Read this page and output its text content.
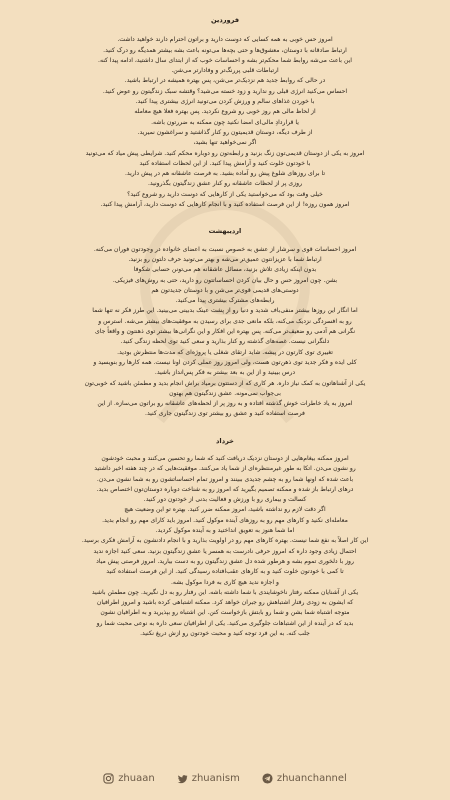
فروردین
امروز حس خوبی به همه کسایی که دوست دارید و براتون احترام دارند خواهید داشت.
ارتباط صادقانه با دوستان، معشوق‌ها و حتی بچه‌ها می‌تونه باعث بشه بیشتر همدیگه رو درک کنید.
این باعث می‌شه روابط شما محکم‌تر بشه و احساسات خوب که از ابتدای سال داشتید، ادامه پیدا کنه.
ارتباطات قلبی پررنگ‌تر و وفادارتر می‌شن.
در حالی که روابط جدید هم نزدیک‌تر می‌شن، پس بهتره همیشه در ارتباط باشید.
احساس می‌کنید انرژی قبلی رو ندارید و زود خسته می‌شید؟ وقتشه سبک زندگیتون رو عوض کنید.
با خوردن غذاهای سالم و ورزش کردن می‌تونید انرژی بیشتری پیدا کنید.
از لحاظ مالی هم روز خوبی رو شروع نکردید. پس بهتره فعلا هیچ معامله
یا قراردادِ مالی‌ای امضا نکنید چون ممکنه به ضررتون باشه.
از طرف دیگه، دوستان قدیمیتون رو کنار گذاشتید و سراغشون نمیرید.
اگر نمی‌خواهید تنها بشید،
امروز به یکی از دوستان قدیمی‌تون زنگ بزنید و رابطه‌تون رو دوباره محکم کنید. شرایطی پیش میاد که می‌تونید
با خودتون خلوت کنید و آرامش پیدا کنید. از این لحظات استفاده کنید
تا برای روزهای شلوغ پیش رو آماده بشید. به فرصت عاشقانه هم در پیش دارید.
روزی پر از لحظات عاشقانه رو کنار عشق زندگیتون بگذرونید.
خیلی وقت بود که می‌خواستید یکی از کارهایی که دوست دارید رو شروع کنید؟
امروز همون روزه! از این فرصت استفاده کنید و با انجام کارهایی که دوست دارید، آرامش پیدا کنید.
اردیبهشت
امروز احساسات قوی و سرشار از عشق به خصوص نسبت به اعضای خانواده در وجودتون فوران می‌کنه.
ارتباط شما با عزیزانتون عمیق‌تر می‌شه و بهتر می‌تونید حرف دلتون رو بزنید.
بدون اینکه زیادی تلاش بزنید، مسائل عاشقانه هم می‌تونن حسابی شکوفا
بشن. چون امروز حس و حال بیان کردن احساساتتون رو دارید، حتی به روش‌های فیزیکی.
دوستی‌های قدیمی قوی‌تر می‌شن و با دوستان جدیدتون هم
رابطه‌های مشترک بیشتری پیدا می‌کنید.
اما انگار این روزها بیشتر منفی‌باف شدید و دنیا رو از پشت عینک بدبینی می‌بینید. این طرز فکر نه تنها شما
رو به افسردگی نزدیک می‌کنه، بلکه مانعی جدی برای رسیدن به موفقیت‌های بیشتر می‌شه. استرس و
نگرانی هم آدمی رو ضعیف‌تر می‌کنه. پس بهتره این افکار و این نگرانی‌ها بیشتر توی ذهنتون و واقعاً جای
دلنگرانی نیست. غصه‌های گذشته رو کنار بذارید و سعی کنید توی لحظه زندگی کنید.
تغییری توی کارتون در پیشه. شاید ارتقای شغلی یا پروژه‌ای که مدت‌ها منتظرش بودید.
کلی ایده و فکر جدید توی ذهن‌تون هست، ولی امروز روز عملی کردن اونا نیست. همه کارها رو بنویسید و
درس بیینید و از این به بعد بیشتر به فکر پس‌انداز باشید.
یکی از آشناهاتون به کمک نیاز داره. هر کاری که از دستتون برمیاد براش انجام بدید و مطمئن باشید که خوبی‌تون
بی‌جواب نمی‌مونه. عشق زندگیتون هم بهتون
امروز به یاد خاطرات خوش گذشته افتاده و به روز پر از لحظه‌های عاشقانه رو براتون می‌سازه. از این
فرصت استفاده کنید و عشق رو بیشتر توی زندگیتون جاری کنید.
خرداد
امروز ممکنه بیغام‌هایی از دوستان نزدیک دریافت کنید که شما رو تحسین می‌کنند و محبت خودشون
رو نشون می‌دن. اتکا به طور غیرمنتظره‌ای از شما یاد می‌کنند. موفقیت‌هایی که در چند هفته اخیر داشتید
باعث شده که اونها شما رو به چشم جدیدی ببینند و امروز تمام احساساتشون رو به شما نشون می‌دن.
درهای ارتباط باز شده و ممکنه تصمیم بگیرید که امروز رو به شناخت دوباره دوستان‌تون اختصاص بدید.
کسالت و بیماری رو با ورزش و فعالیت بدنی از خودتون دور کنید.
اگر دقت لازم رو نداشته باشید، امروز ممکنه ضرر کنید. بهتره تو این وضعیت هیچ
معامله‌ای نکنید و کارهای مهم رو به روزهای آینده موکول کنید. امروز باید کارای مهم رو انجام بدید.
اما شما هنوز به تعویق انداختید و به آینده موکول کردید.
این کار اصلاً به نفع شما نیست. بهتره کارهای مهم رو در اولویت بذارید و با انجام دادنشون به آرامش فکری برسید.
احتمال زیادی وجود داره که امروز حرفی نادرست به همسر یا عشق زندگیتون بزنید. سعی کنید اجازه ندید
روز با دلخوری تموم بشه و هرطور شده دل عشق زندگیتون رو به دست بیارید. امروز فرصتی پیش میاد
تا کمی با خودتون خلوت کنید و به کارهای عقب‌افتاده رسیدگی کنید. از این فرصت استفاده کنید
و اجازه ندید هیچ کاری به فردا موکول بشه.
یکی از آشنایان ممکنه رفتار ناخوشایندی با شما داشته باشه. این رفتار رو به دل نگیرید. چون مطمئن باشید
که ایشون به زودی رفتار اشتباهش رو جبران خواهد کرد. ممکنه اشتباهی کرده باشید و امروز اطرافیان
متوجه اشتباه شما بشن و شما رو بابتش بازخواست کنن. این اشتباه رو بپذیرید و به اطرافیان نشون
بدید که در آینده از این اشتباهات جلوگیری می‌کنید. یکی از اطرافیان سعی داره به نوعی محبت شما رو
جلب کنه. به این فرد توجه کنید و محبت خودتون رو ازش دریغ نکنید.
zhuaan	zhuanism	zhuanchannel
